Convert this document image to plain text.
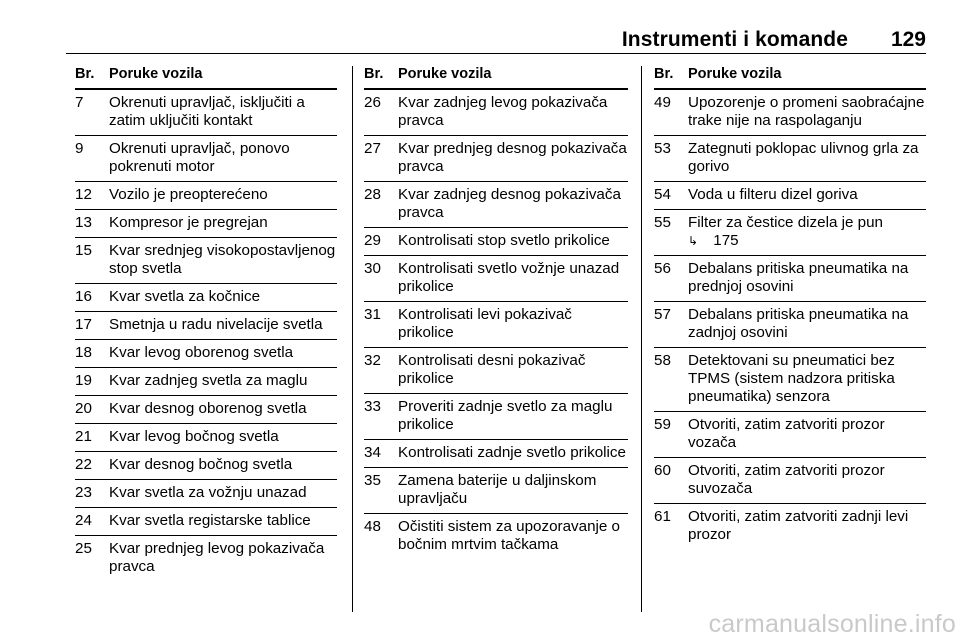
Instrumenti i komande 129
Br.	Poruke vozila
7	Okrenuti upravljač, isključiti a zatim uključiti kontakt
9	Okrenuti upravljač, ponovo pokrenuti motor
12	Vozilo je preopterećeno
13	Kompresor je pregrejan
15	Kvar srednjeg visokopostavljenog stop svetla
16	Kvar svetla za kočnice
17	Smetnja u radu nivelacije svetla
18	Kvar levog oborenog svetla
19	Kvar zadnjeg svetla za maglu
20	Kvar desnog oborenog svetla
21	Kvar levog bočnog svetla
22	Kvar desnog bočnog svetla
23	Kvar svetla za vožnju unazad
24	Kvar svetla registarske tablice
25	Kvar prednjeg levog pokazivača pravca
Br.	Poruke vozila
26	Kvar zadnjeg levog pokazivača pravca
27	Kvar prednjeg desnog pokazivača pravca
28	Kvar zadnjeg desnog pokazivača pravca
29	Kontrolisati stop svetlo prikolice
30	Kontrolisati svetlo vožnje unazad prikolice
31	Kontrolisati levi pokazivač prikolice
32	Kontrolisati desni pokazivač prikolice
33	Proveriti zadnje svetlo za maglu prikolice
34	Kontrolisati zadnje svetlo prikolice
35	Zamena baterije u daljinskom upravljaču
48	Očistiti sistem za upozoravanje o bočnim mrtvim tačkama
Br.	Poruke vozila
49	Upozorenje o promeni saobraćajne trake nije na raspolaganju
53	Zategnuti poklopac ulivnog grla za gorivo
54	Voda u filteru dizel goriva
55	Filter za čestice dizela je pun
↳ 175
56	Debalans pritiska pneumatika na prednjoj osovini
57	Debalans pritiska pneumatika na zadnjoj osovini
58	Detektovani su pneumatici bez TPMS (sistem nadzora pritiska pneumatika) senzora
59	Otvoriti, zatim zatvoriti prozor vozača
60	Otvoriti, zatim zatvoriti prozor suvozača
61	Otvoriti, zatim zatvoriti zadnji levi prozor
carmanualsonline.info
